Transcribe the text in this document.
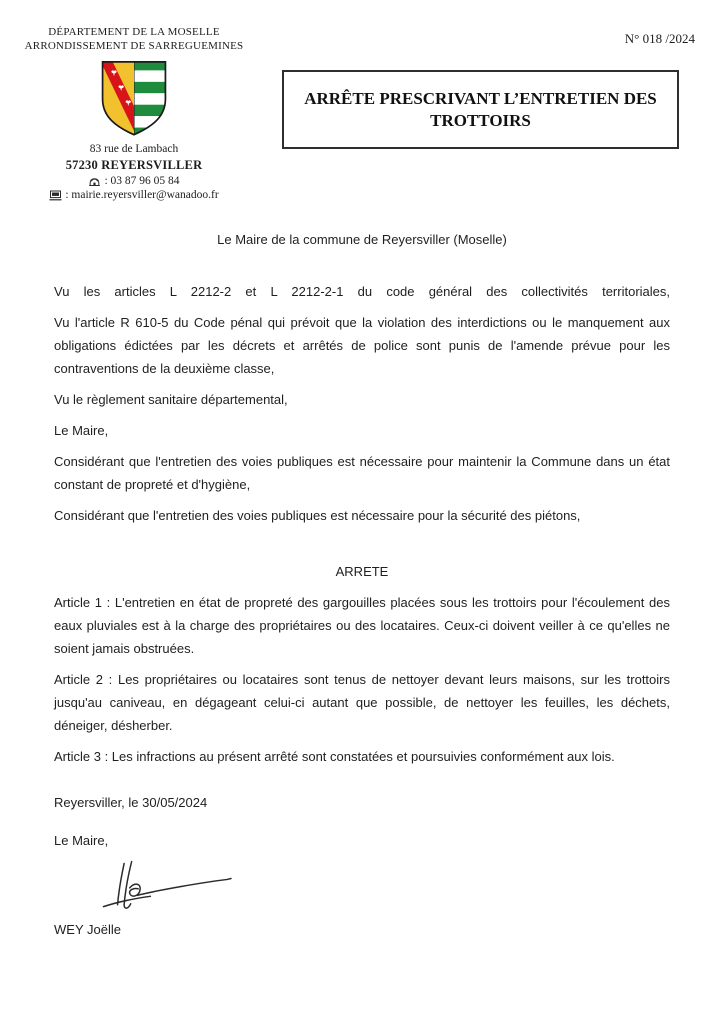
DÉPARTEMENT DE LA MOSELLE
ARRONDISSEMENT DE SARREGUEMINES
83 rue de Lambach
57230 REYERSVILLER
: 03 87 96 05 84
: mairie.reyersviller@wanadoo.fr
N° 018 /2024
ARRÊTE PRESCRIVANT L’ENTRETIEN DES TROTTOIRS

Le Maire de la commune de Reyersviller (Moselle)

Vu les articles L 2212-2 et L 2212-2-1 du code général des collectivités territoriales,

Vu l'article R 610-5 du Code pénal qui prévoit que la violation des interdictions ou le manquement aux obligations édictées par les décrets et arrêtés de police sont punis de l'amende prévue pour les contraventions de la deuxième classe,

Vu le règlement sanitaire départemental,

Le Maire,

Considérant que l'entretien des voies publiques est nécessaire pour maintenir la Commune dans un état constant de propreté et d'hygiène,

Considérant que l'entretien des voies publiques est nécessaire pour la sécurité des piétons,

ARRETE

Article 1 : L'entretien en état de propreté des gargouilles placées sous les trottoirs pour l'écoulement des eaux pluviales est à la charge des propriétaires ou des locataires. Ceux-ci doivent veiller à ce qu'elles ne soient jamais obstruées.

Article 2 : Les propriétaires ou locataires sont tenus de nettoyer devant leurs maisons, sur les trottoirs jusqu'au caniveau, en dégageant celui-ci autant que possible, de nettoyer les feuilles, les déchets, déneiger, désherber.

Article 3 : Les infractions au présent arrêté sont constatées et poursuivies conformément aux lois.

Reyersviller, le 30/05/2024

Le Maire,

WEY Joëlle
